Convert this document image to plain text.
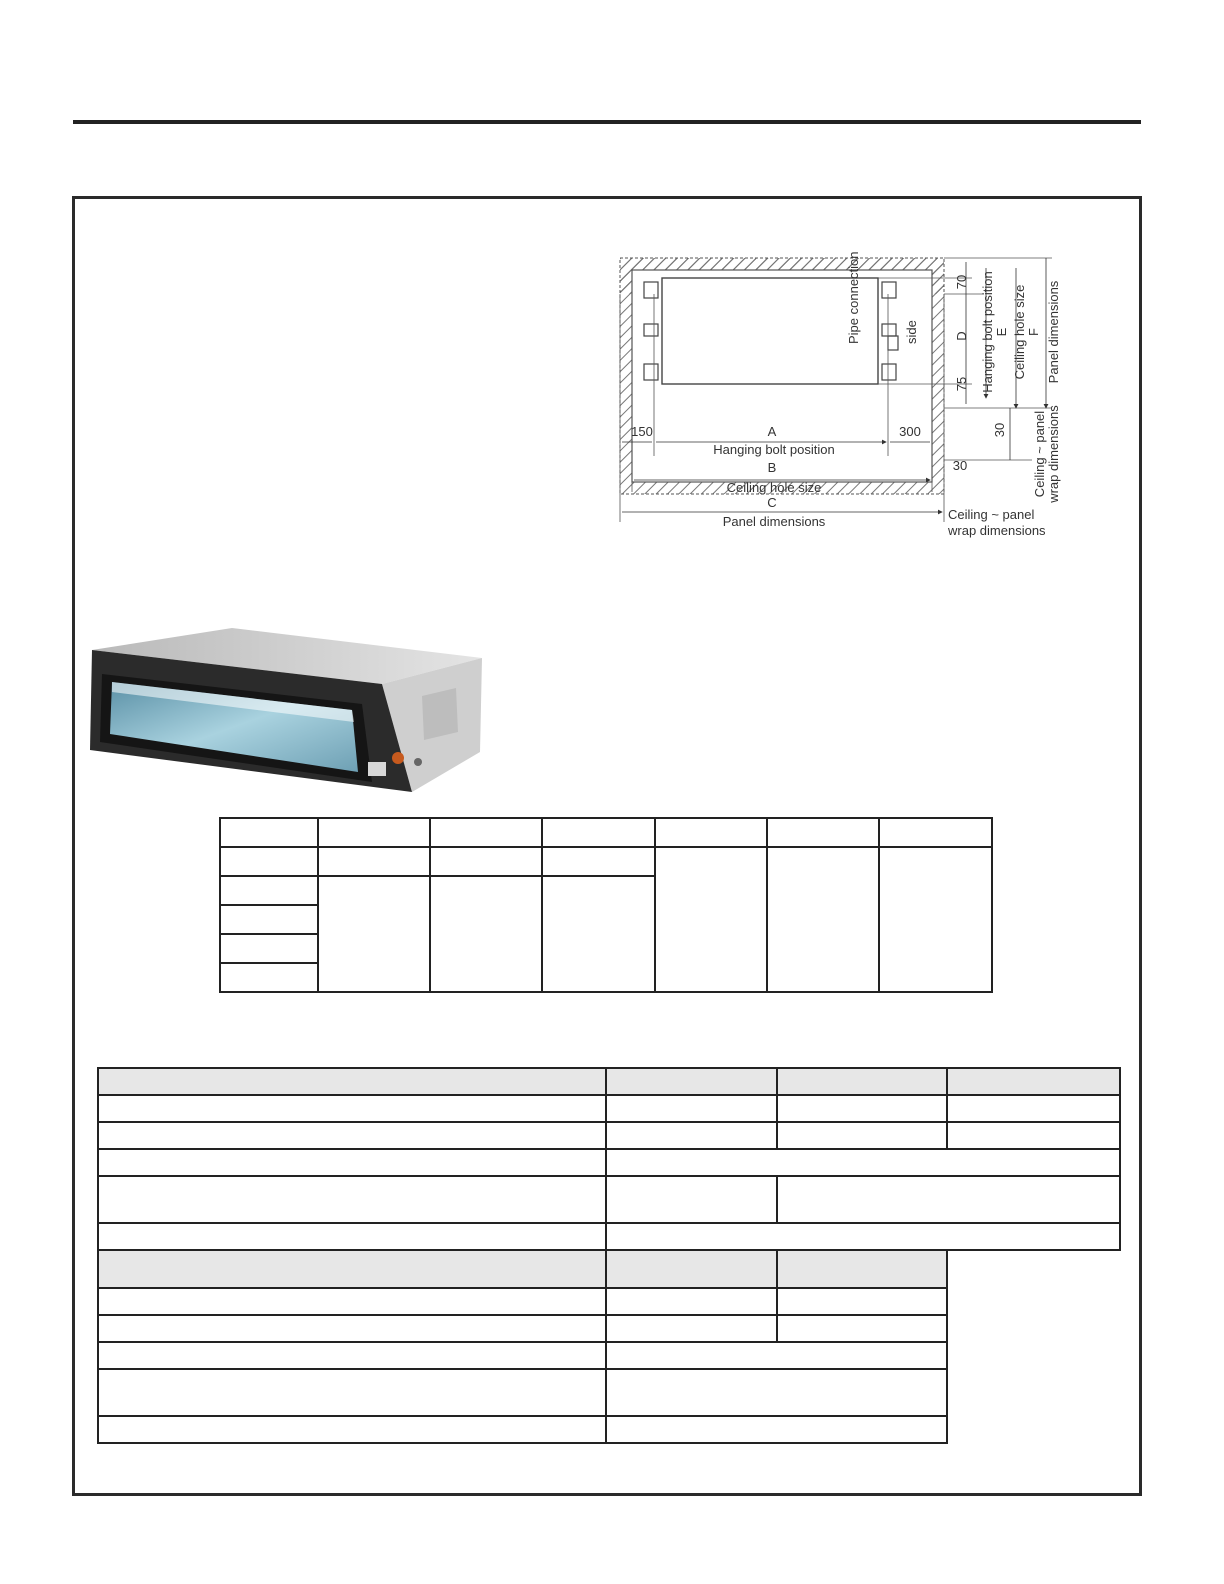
Pipe connection	side
70
D
75 Hanging bolt position E Ceiling hole size F Panel dimensions
150	A	300
Hanging bolt position
B
Ceiling hole size
C
Panel dimensions
30 Ceiling ~ panel wrap dimensions
30
Ceiling ~ panel
wrap dimensions
